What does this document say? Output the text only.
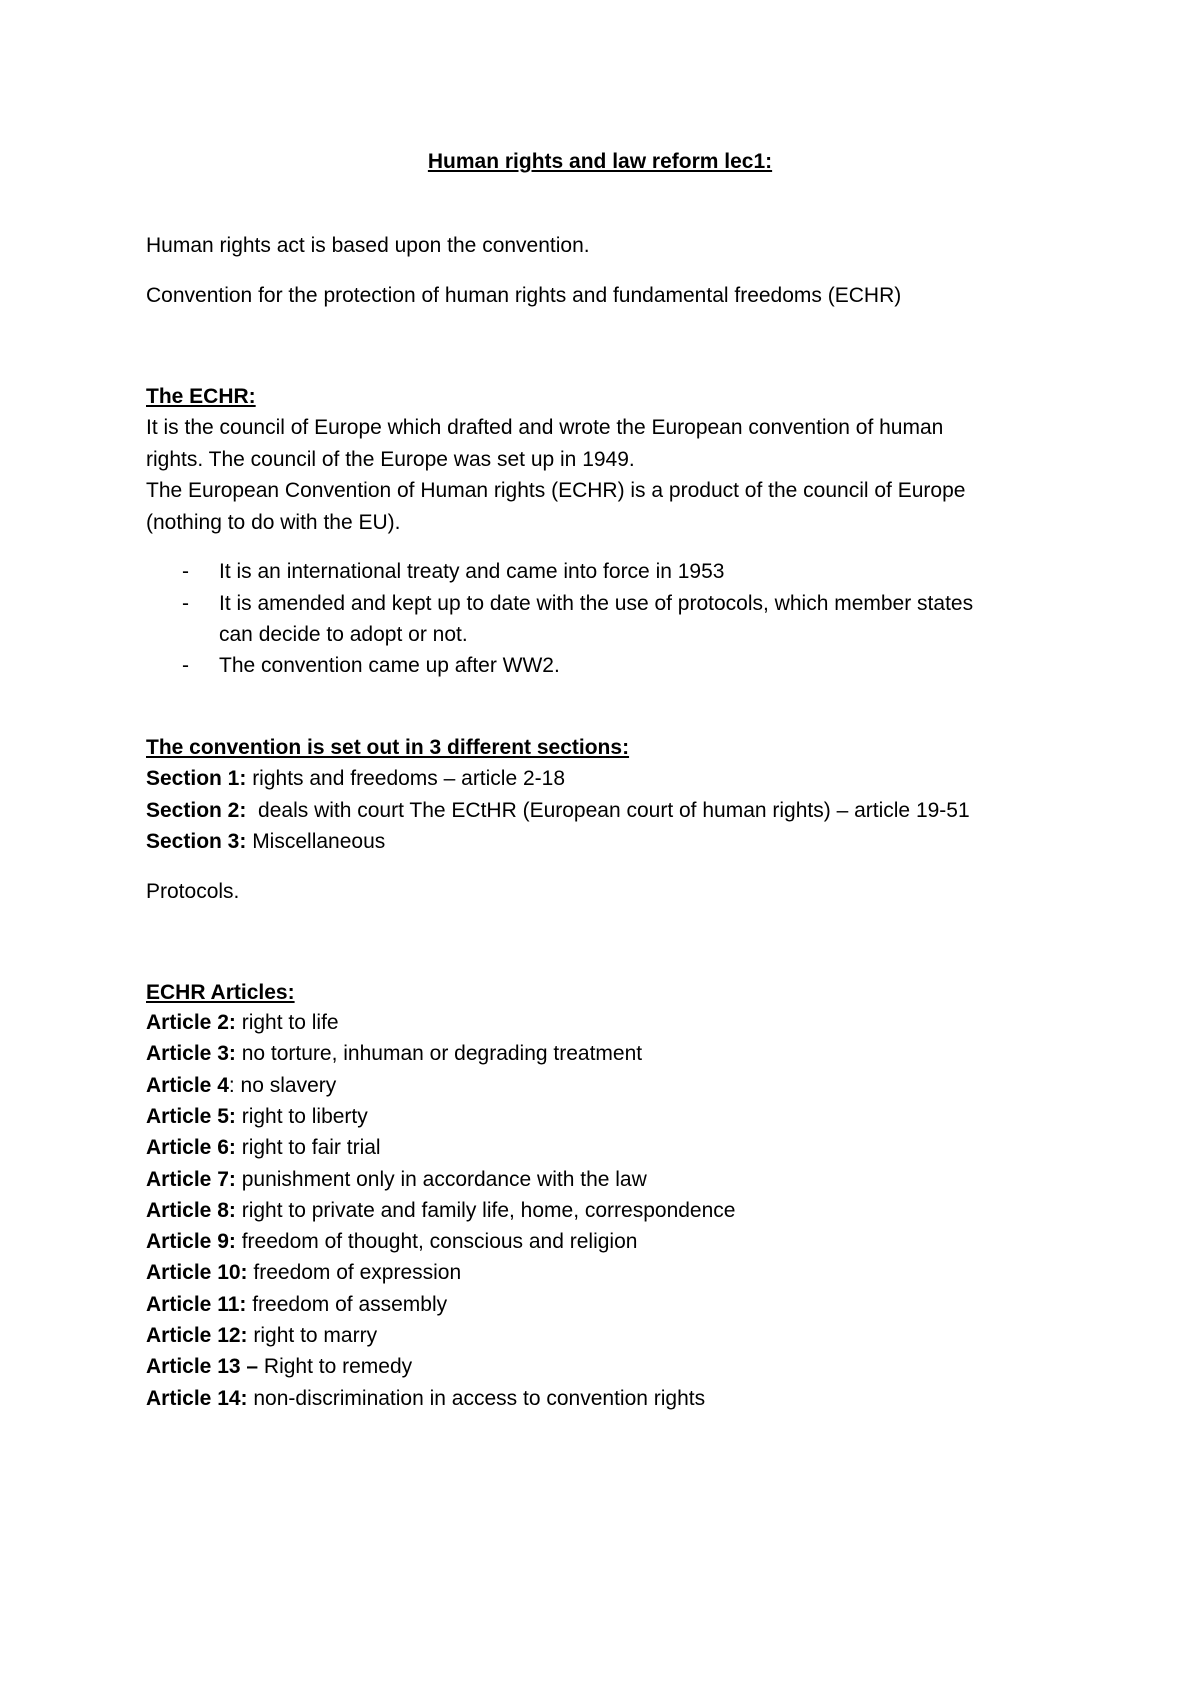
Human rights and law reform lec1:
Human rights act is based upon the convention.
Convention for the protection of human rights and fundamental freedoms (ECHR)
The ECHR:
It is the council of Europe which drafted and wrote the European convention of human
rights. The council of the Europe was set up in 1949.
The European Convention of Human rights (ECHR) is a product of the council of Europe
(nothing to do with the EU).
- It is an international treaty and came into force in 1953
- It is amended and kept up to date with the use of protocols, which member states
can decide to adopt or not.
- The convention came up after WW2.
The convention is set out in 3 different sections:
Section 1: rights and freedoms – article 2-18
Section 2:  deals with court The ECtHR (European court of human rights) – article 19-51
Section 3: Miscellaneous
Protocols.
ECHR Articles:
Article 2: right to life
Article 3: no torture, inhuman or degrading treatment
Article 4: no slavery
Article 5: right to liberty
Article 6: right to fair trial
Article 7: punishment only in accordance with the law
Article 8: right to private and family life, home, correspondence
Article 9: freedom of thought, conscious and religion
Article 10: freedom of expression
Article 11: freedom of assembly
Article 12: right to marry
Article 13 – Right to remedy
Article 14: non-discrimination in access to convention rights
